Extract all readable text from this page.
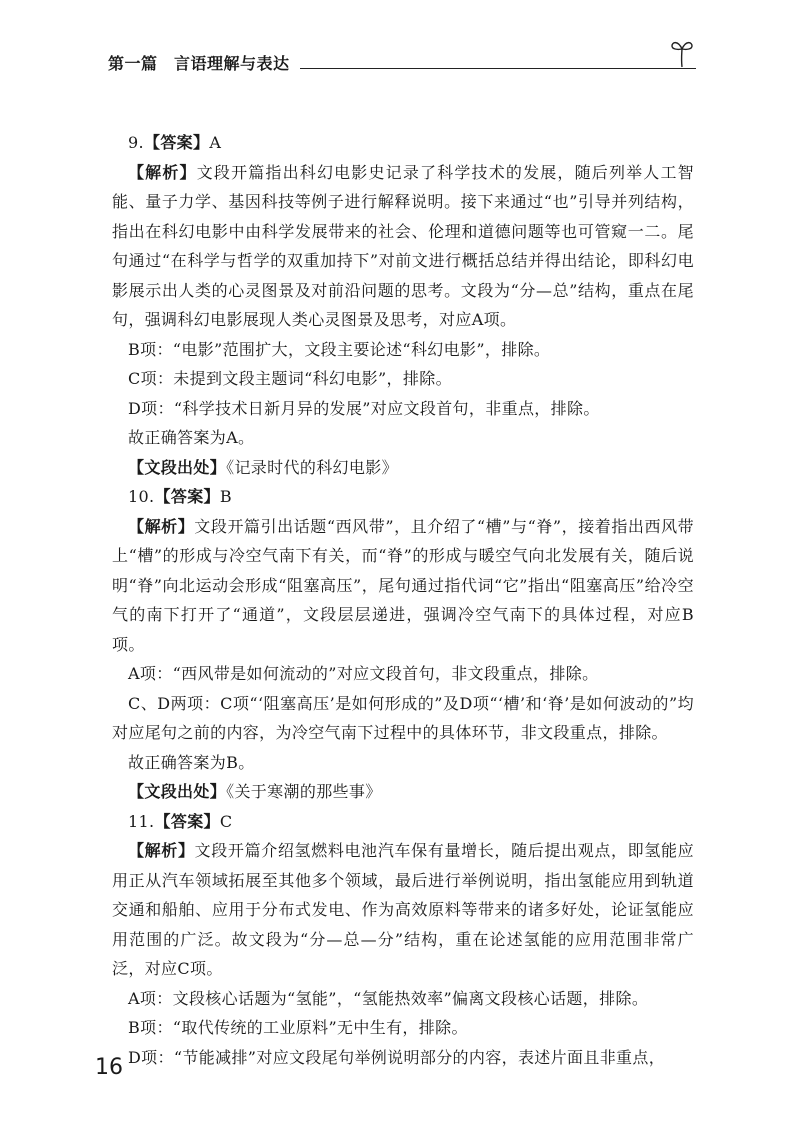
第一篇　言语理解与表达

9.【答案】A

【解析】文段开篇指出科幻电影史记录了科学技术的发展，随后列举人工智能、量子力学、基因科技等例子进行解释说明。接下来通过“也”引导并列结构，指出在科幻电影中由科学发展带来的社会、伦理和道德问题等也可管窥一二。尾句通过“在科学与哲学的双重加持下”对前文进行概括总结并得出结论，即科幻电影展示出人类的心灵图景及对前沿问题的思考。文段为“分—总”结构，重点在尾句，强调科幻电影展现人类心灵图景及思考，对应A项。

B项：“电影”范围扩大，文段主要论述“科幻电影”，排除。

C项：未提到文段主题词“科幻电影”，排除。

D项：“科学技术日新月异的发展”对应文段首句，非重点，排除。

故正确答案为A。

【文段出处】《记录时代的科幻电影》

10.【答案】B

【解析】文段开篇引出话题“西风带”，且介绍了“槽”与“脊”，接着指出西风带上“槽”的形成与冷空气南下有关，而“脊”的形成与暖空气向北发展有关，随后说明“脊”向北运动会形成“阻塞高压”，尾句通过指代词“它”指出“阻塞高压”给冷空气的南下打开了“通道”，文段层层递进，强调冷空气南下的具体过程，对应B项。

A项：“西风带是如何流动的”对应文段首句，非文段重点，排除。

C、D两项：C项“‘阻塞高压’是如何形成的”及D项“‘槽’和‘脊’是如何波动的”均对应尾句之前的内容，为冷空气南下过程中的具体环节，非文段重点，排除。

故正确答案为B。

【文段出处】《关于寒潮的那些事》

11.【答案】C

【解析】文段开篇介绍氢燃料电池汽车保有量增长，随后提出观点，即氢能应用正从汽车领域拓展至其他多个领域，最后进行举例说明，指出氢能应用到轨道交通和船舶、应用于分布式发电、作为高效原料等带来的诸多好处，论证氢能应用范围的广泛。故文段为“分—总—分”结构，重在论述氢能的应用范围非常广泛，对应C项。

A项：文段核心话题为“氢能”，“氢能热效率”偏离文段核心话题，排除。

B项：“取代传统的工业原料”无中生有，排除。

D项：“节能减排”对应文段尾句举例说明部分的内容，表述片面且非重点，

16
